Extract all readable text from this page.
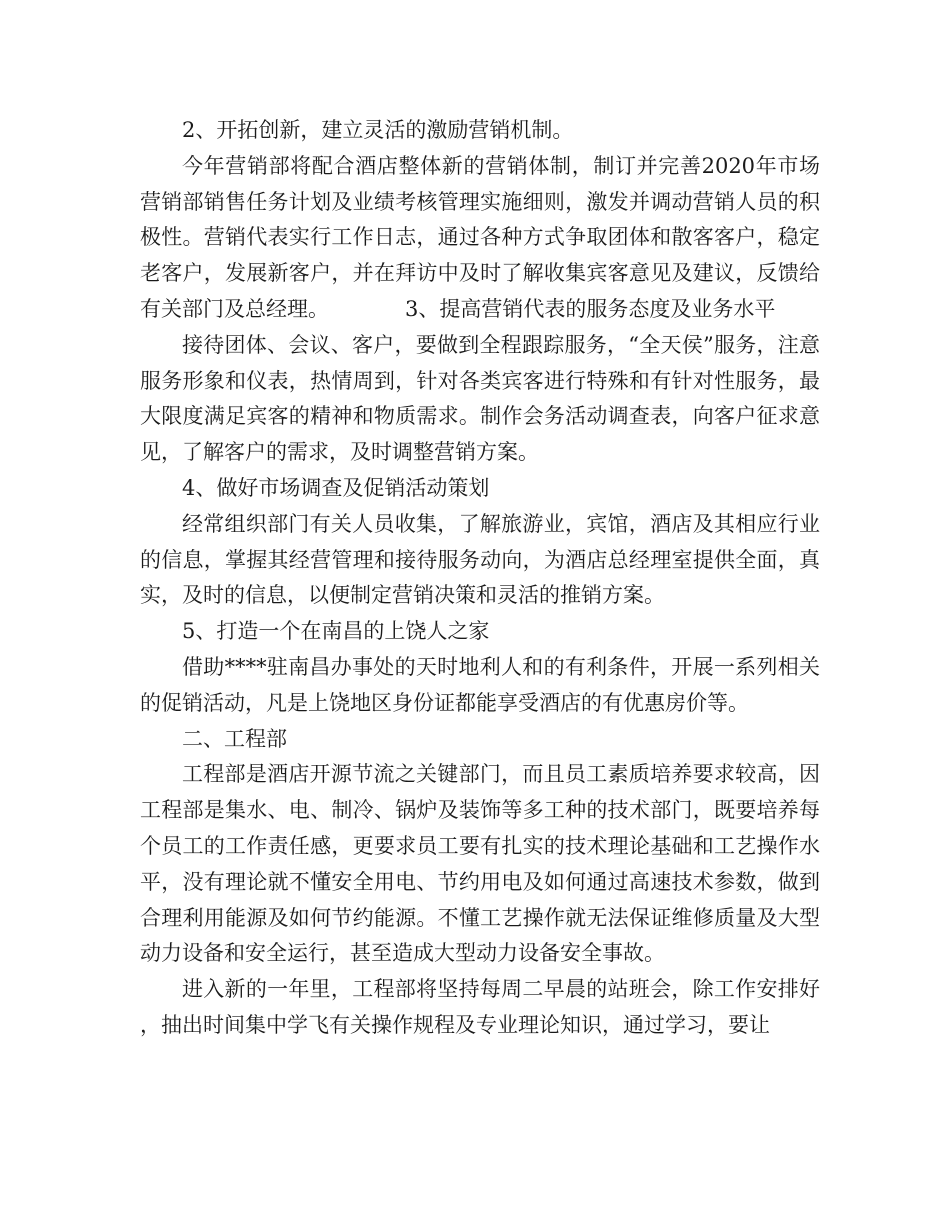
2、开拓创新，建立灵活的激励营销机制。

今年营销部将配合酒店整体新的营销体制，制订并完善2020年市场营销部销售任务计划及业绩考核管理实施细则，激发并调动营销人员的积极性。营销代表实行工作日志，通过各种方式争取团体和散客客户，稳定老客户，发展新客户，并在拜访中及时了解收集宾客意见及建议，反馈给有关部门及总经理。	3、提高营销代表的服务态度及业务水平

接待团体、会议、客户，要做到全程跟踪服务，“全天侯”服务，注意服务形象和仪表，热情周到，针对各类宾客进行特殊和有针对性服务，最大限度满足宾客的精神和物质需求。制作会务活动调查表，向客户征求意见，了解客户的需求，及时调整营销方案。

4、做好市场调查及促销活动策划

经常组织部门有关人员收集，了解旅游业，宾馆，酒店及其相应行业的信息，掌握其经营管理和接待服务动向，为酒店总经理室提供全面，真实，及时的信息，以便制定营销决策和灵活的推销方案。

5、打造一个在南昌的上饶人之家

借助****驻南昌办事处的天时地利人和的有利条件，开展一系列相关的促销活动，凡是上饶地区身份证都能享受酒店的有优惠房价等。

二、工程部

工程部是酒店开源节流之关键部门，而且员工素质培养要求较高，因工程部是集水、电、制冷、锅炉及装饰等多工种的技术部门，既要培养每个员工的工作责任感，更要求员工要有扎实的技术理论基础和工艺操作水平，没有理论就不懂安全用电、节约用电及如何通过高速技术参数，做到合理利用能源及如何节约能源。不懂工艺操作就无法保证维修质量及大型动力设备和安全运行，甚至造成大型动力设备安全事故。

进入新的一年里，工程部将坚持每周二早晨的站班会，除工作安排好，抽出时间集中学飞有关操作规程及专业理论知识，通过学习，要让
